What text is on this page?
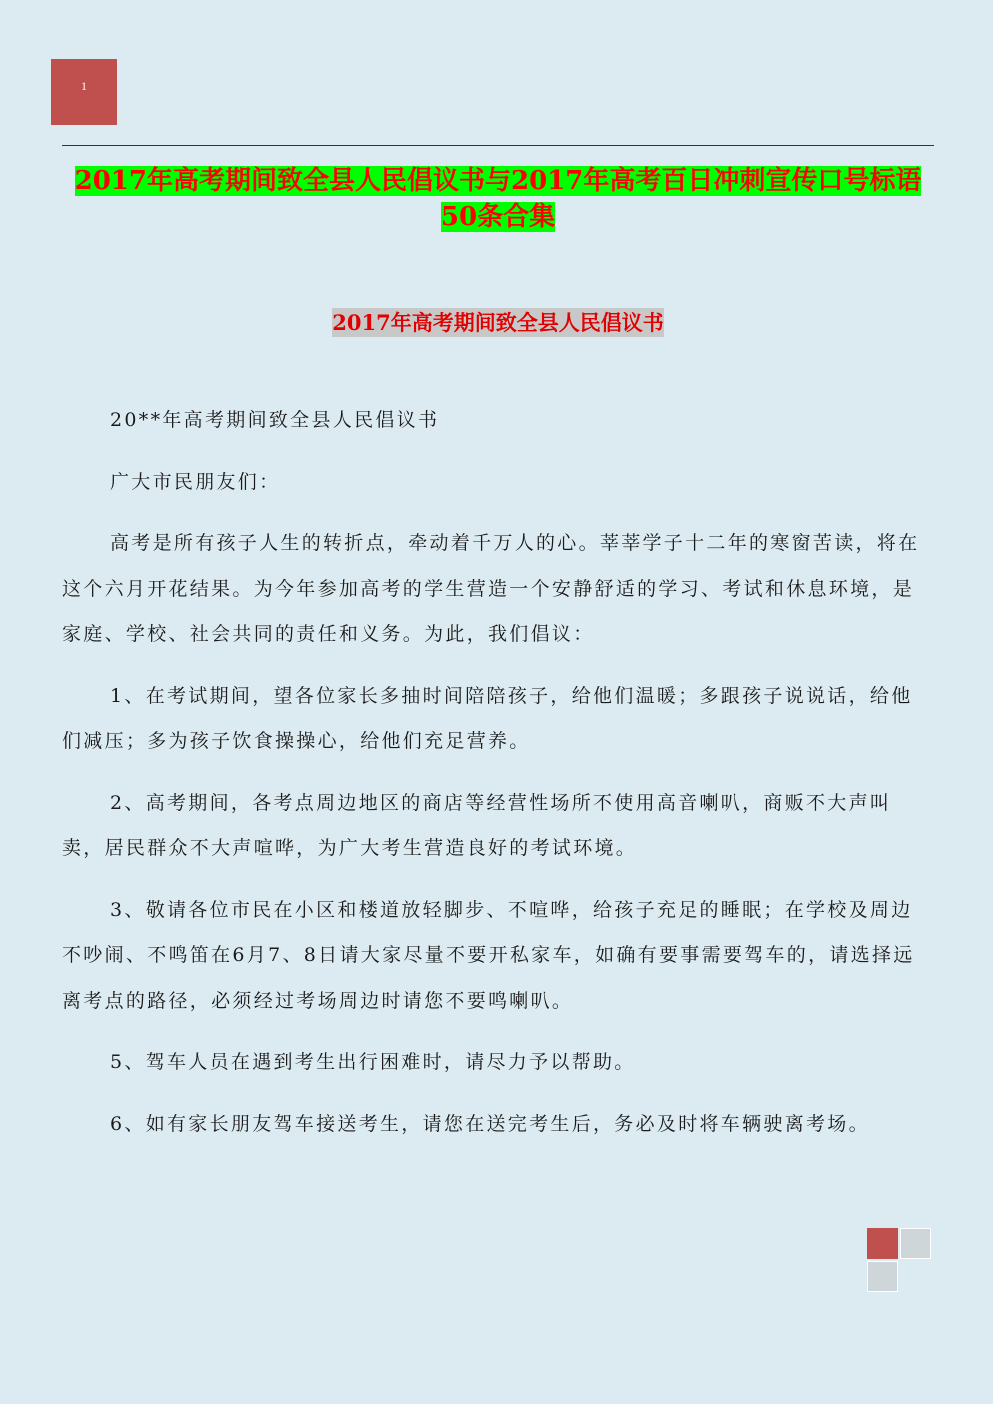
1
2017年高考期间致全县人民倡议书与2017年高考百日冲刺宣传口号标语50条合集
2017年高考期间致全县人民倡议书

20**年高考期间致全县人民倡议书

广大市民朋友们：

高考是所有孩子人生的转折点，牵动着千万人的心。莘莘学子十二年的寒窗苦读，将在这个六月开花结果。为今年参加高考的学生营造一个安静舒适的学习、考试和休息环境，是家庭、学校、社会共同的责任和义务。为此，我们倡议：

1、在考试期间，望各位家长多抽时间陪陪孩子，给他们温暖；多跟孩子说说话，给他们减压；多为孩子饮食操操心，给他们充足营养。

2、高考期间，各考点周边地区的商店等经营性场所不使用高音喇叭，商贩不大声叫卖，居民群众不大声喧哗，为广大考生营造良好的考试环境。

3、敬请各位市民在小区和楼道放轻脚步、不喧哗，给孩子充足的睡眠；在学校及周边不吵闹、不鸣笛在6月7、8日请大家尽量不要开私家车，如确有要事需要驾车的，请选择远离考点的路径，必须经过考场周边时请您不要鸣喇叭。

5、驾车人员在遇到考生出行困难时，请尽力予以帮助。

6、如有家长朋友驾车接送考生，请您在送完考生后，务必及时将车辆驶离考场。
